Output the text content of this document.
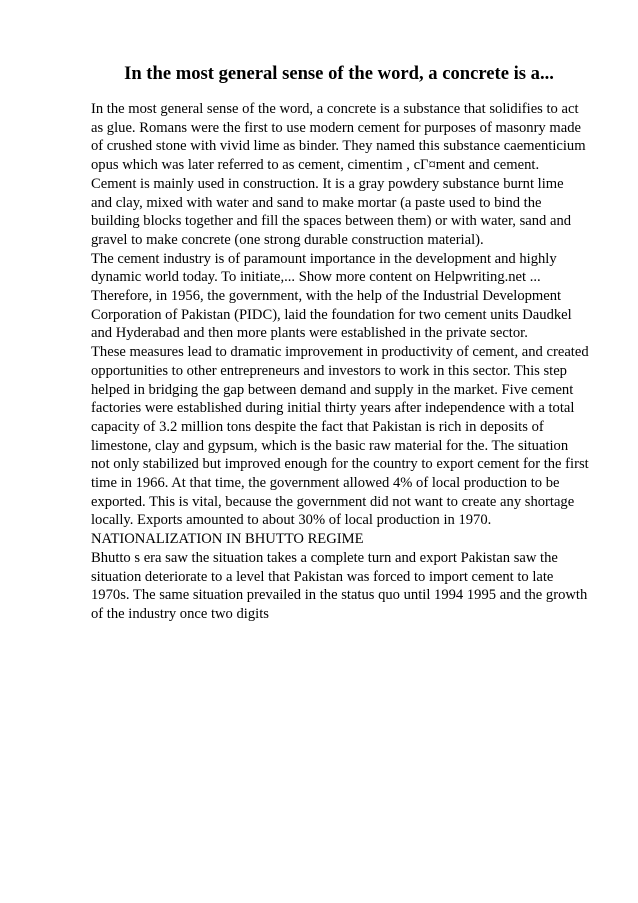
In the most general sense of the word, a concrete is a...
In the most general sense of the word, a concrete is a substance that solidifies to act
as glue. Romans were the first to use modern cement for purposes of masonry made
of crushed stone with vivid lime as binder. They named this substance caementicium
opus which was later referred to as cement, cimentim , cГ¤ment and cement.
Cement is mainly used in construction. It is a gray powdery substance burnt lime
and clay, mixed with water and sand to make mortar (a paste used to bind the
building blocks together and fill the spaces between them) or with water, sand and
gravel to make concrete (one strong durable construction material).
The cement industry is of paramount importance in the development and highly
dynamic world today. To initiate,... Show more content on Helpwriting.net ...
Therefore, in 1956, the government, with the help of the Industrial Development
Corporation of Pakistan (PIDC), laid the foundation for two cement units Daudkel
and Hyderabad and then more plants were established in the private sector.
These measures lead to dramatic improvement in productivity of cement, and created
opportunities to other entrepreneurs and investors to work in this sector. This step
helped in bridging the gap between demand and supply in the market. Five cement
factories were established during initial thirty years after independence with a total
capacity of 3.2 million tons despite the fact that Pakistan is rich in deposits of
limestone, clay and gypsum, which is the basic raw material for the. The situation
not only stabilized but improved enough for the country to export cement for the first
time in 1966. At that time, the government allowed 4% of local production to be
exported. This is vital, because the government did not want to create any shortage
locally. Exports amounted to about 30% of local production in 1970.
NATIONALIZATION IN BHUTTO REGIME
Bhutto s era saw the situation takes a complete turn and export Pakistan saw the
situation deteriorate to a level that Pakistan was forced to import cement to late
1970s. The same situation prevailed in the status quo until 1994 1995 and the growth
of the industry once two digits
